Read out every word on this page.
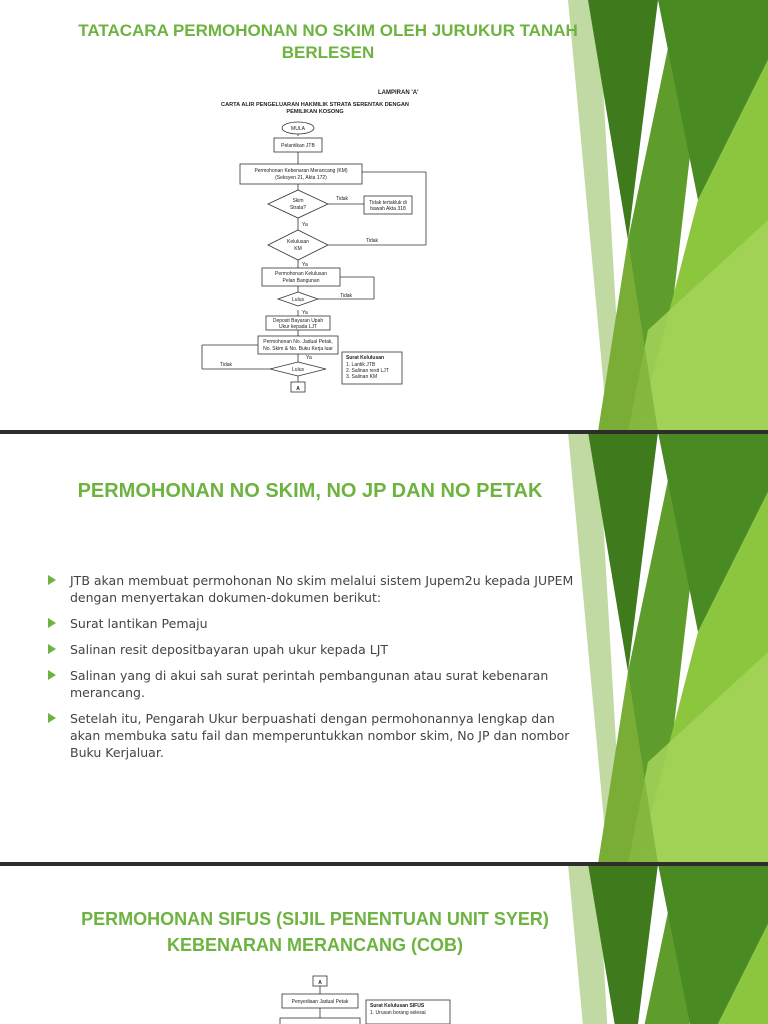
TATACARA PERMOHONAN NO SKIM OLEH JURUKUR TANAH BERLESEN
LAMPIRAN 'A'
CARTA ALIR PENGELUARAN HAKMILIK STRATA SERENTAK DENGAN
PEMILIKAN KOSONG
MULA
Pelantikan JTB
Permohonan Kebenaran Merancang (KM)
(Seksyen 21, Akta 172)
Skim
Strata?
Tidak
Tidak tertakluk di
bawah Akta 318
Ya
Kelulusan
KM
Tidak
Ya
Permohonan Kelulusan
Pelan Bangunan
Lulus
Tidak
Ya
Deposit Bayaran Upah
Ukur kepada LJT
Permohonan No. Jadual Petak,
No. Skim & No. Buku Kerja luar
Ya
Lulus
Tidak
A
Surat Kelulusan
1. Lantik JTB
2. Salinan resit LJT
3. Salinan KM
PERMOHONAN NO SKIM, NO JP DAN NO PETAK
JTB akan membuat permohonan No skim melalui sistem Jupem2u kepada JUPEM dengan menyertakan dokumen-dokumen berikut:
Surat lantikan Pemaju
Salinan resit depositbayaran upah ukur kepada LJT
Salinan yang di akui sah surat perintah pembangunan atau surat kebenaran merancang.
Setelah itu, Pengarah Ukur berpuashati dengan permohonannya lengkap dan akan membuka satu fail dan memperuntukkan nombor skim, No JP dan nombor Buku Kerjaluar.
PERMOHONAN SIFUS (SIJIL PENENTUAN UNIT SYER)
KEBENARAN MERANCANG (COB)
A
Penyediaan Jadual Petak
Surat Kelulusan SIFUS
1. Urusan borang selesai
